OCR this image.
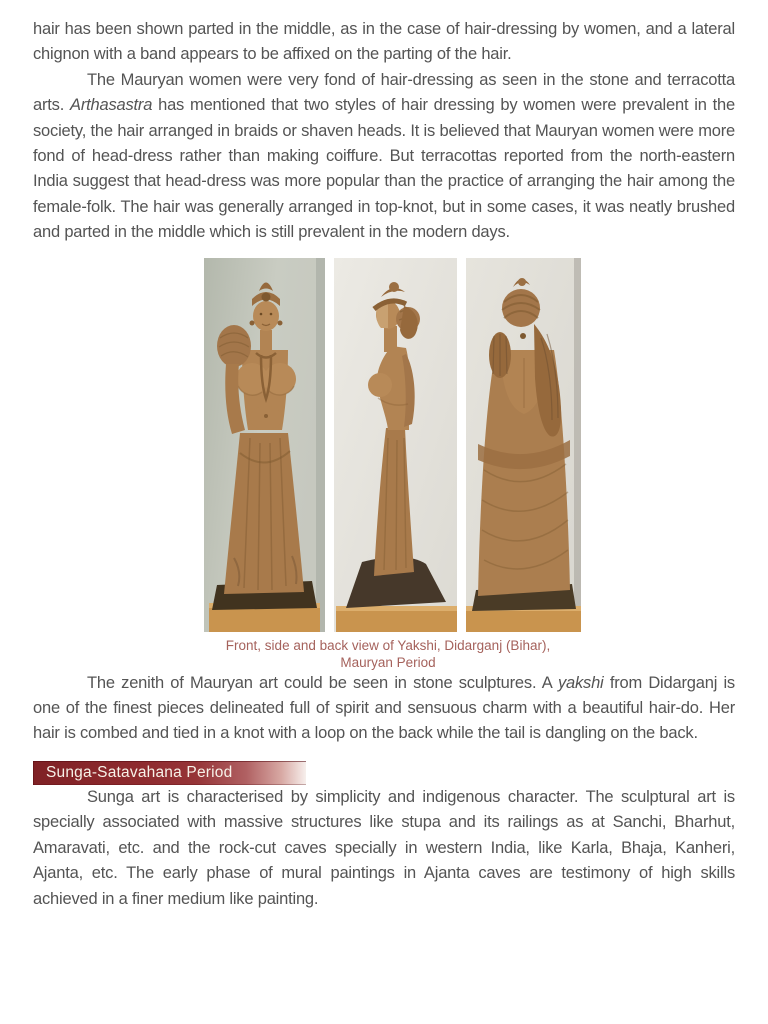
hair has been shown parted in the middle, as in the case of hair-dressing by women, and a lateral chignon with a band appears to be affixed on the parting of the hair.

The Mauryan women were very fond of hair-dressing as seen in the stone and terracotta arts. Arthasastra has mentioned that two styles of hair dressing by women were prevalent in the society, the hair arranged in braids or shaven heads. It is believed that Mauryan women were more fond of head-dress rather than making coiffure. But terracottas reported from the north-eastern India suggest that head-dress was more popular than the practice of arranging the hair among the female-folk. The hair was generally arranged in top-knot, but in some cases, it was neatly brushed and parted in the middle which is still prevalent in the modern days.

Front, side and back view of Yakshi, Didarganj (Bihar),
Mauryan Period

The zenith of Mauryan art could be seen in stone sculptures. A yakshi from Didarganj is one of the finest pieces delineated full of spirit and sensuous charm with a beautiful hair-do. Her hair is combed and tied in a knot with a loop on the back while the tail is dangling on the back.

Sunga-Satavahana Period

Sunga art is characterised by simplicity and indigenous character. The sculptural art is specially associated with massive structures like stupa and its railings as at Sanchi, Bharhut, Amaravati, etc. and the rock-cut caves specially in western India, like Karla, Bhaja, Kanheri, Ajanta, etc. The early phase of mural paintings in Ajanta caves are testimony of high skills achieved in a finer medium like painting.
